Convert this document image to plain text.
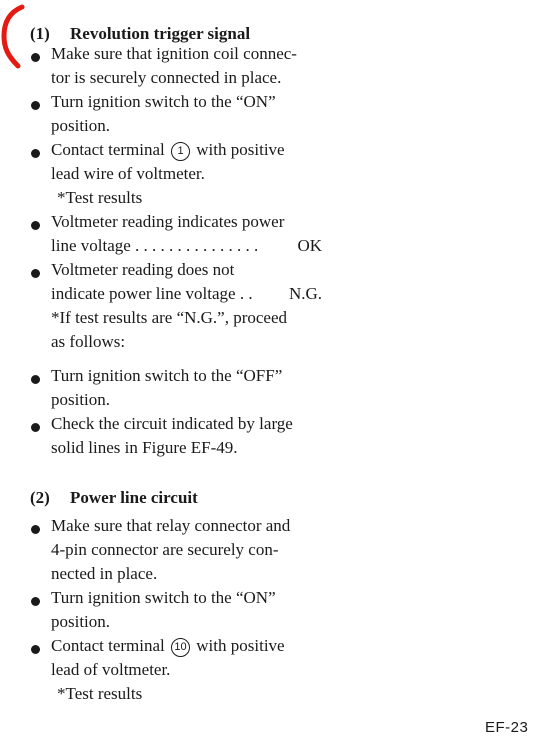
(1) Revolution trigger signal
Make sure that ignition coil connec-
tor is securely connected in place.
Turn ignition switch to the “ON”
position.
Contact terminal 1 with positive
lead wire of voltmeter.
*Test results
Voltmeter reading indicates power
line voltage . . . . . . . . . . . . . . . OK
Voltmeter reading does not
indicate power line voltage . . N.G.
*If test results are “N.G.”, proceed
as follows:
Turn ignition switch to the “OFF”
position.
Check the circuit indicated by large
solid lines in Figure EF-49.
(2) Power line circuit
Make sure that relay connector and
4-pin connector are securely con-
nected in place.
Turn ignition switch to the “ON”
position.
Contact terminal 10 with positive
lead of voltmeter.
*Test results

EF-23
